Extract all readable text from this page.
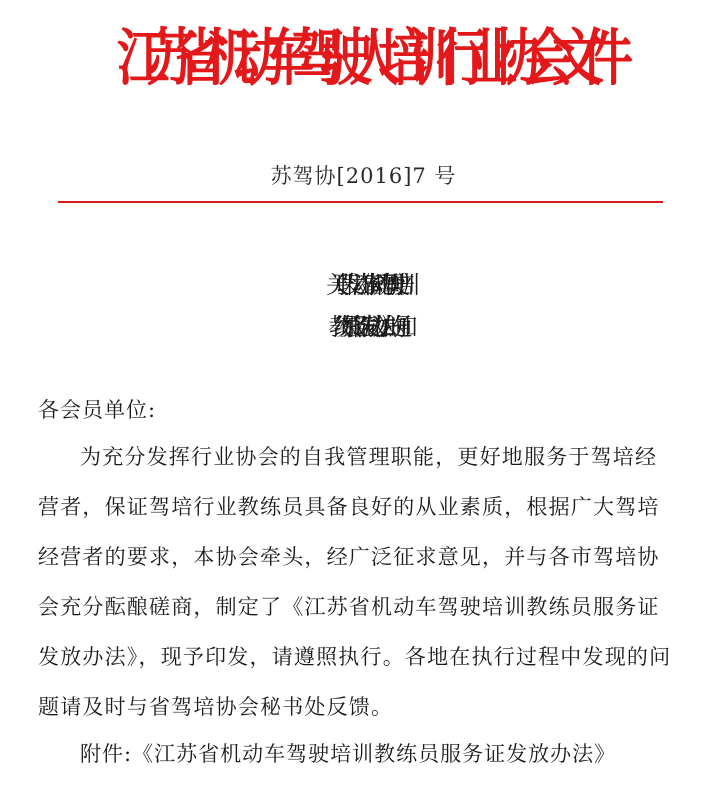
江苏省机动车驾驶人培训行业协会文件
苏驾协[2016]7 号
关于印发《江苏省机动车驾驶培训
教练员服务证发放办法》的通知
各会员单位:
为充分发挥行业协会的自我管理职能，更好地服务于驾培经
营者，保证驾培行业教练员具备良好的从业素质，根据广大驾培
经营者的要求，本协会牵头，经广泛征求意见，并与各市驾培协
会充分酝酿磋商，制定了《江苏省机动车驾驶培训教练员服务证
发放办法》，现予印发，请遵照执行。各地在执行过程中发现的问
题请及时与省驾培协会秘书处反馈。
附件:《江苏省机动车驾驶培训教练员服务证发放办法》
